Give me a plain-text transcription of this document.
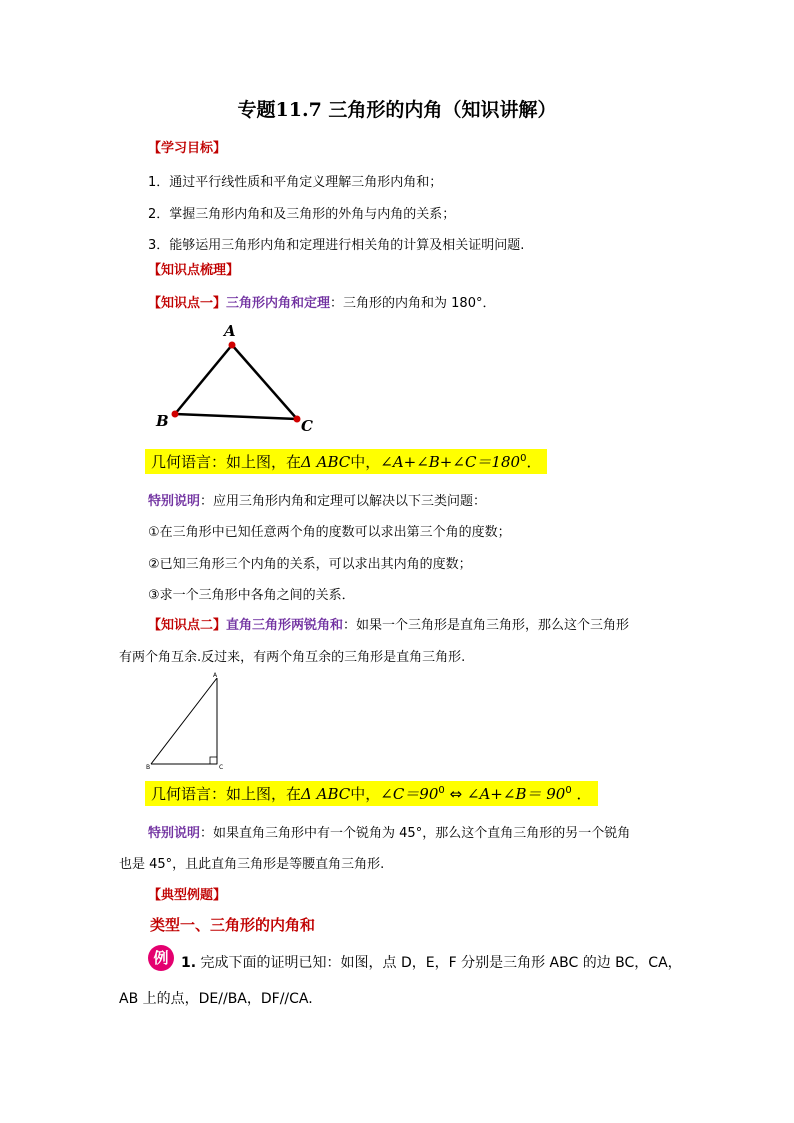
专题11.7 三角形的内角（知识讲解）
【学习目标】
1．通过平行线性质和平角定义理解三角形内角和；
2．掌握三角形内角和及三角形的外角与内角的关系；
3．能够运用三角形内角和定理进行相关角的计算及相关证明问题.
【知识点梳理】
【知识点一】三角形内角和定理：三角形的内角和为 180°．
A
B	C
几何语言：如上图，在Δ ABC中，$\angle A+\angle B+\angle C=180^0$．
特别说明：应用三角形内角和定理可以解决以下三类问题：
①在三角形中已知任意两个角的度数可以求出第三个角的度数；
②已知三角形三个内角的关系，可以求出其内角的度数；
③求一个三角形中各角之间的关系．
【知识点二】直角三角形两锐角和：如果一个三角形是直角三角形，那么这个三角形
有两个角互余.反过来，有两个角互余的三角形是直角三角形.
A
B	C
几何语言：如上图，在Δ ABC中，$\angle C=90^0$ ⇔ ∠A+∠B＝ $90^0$ ．
特别说明：如果直角三角形中有一个锐角为 45°，那么这个直角三角形的另一个锐角
也是 45°，且此直角三角形是等腰直角三角形.
【典型例题】
类型一、三角形的内角和
例 1. 完成下面的证明已知：如图，点 D，E，F 分别是三角形 ABC 的边 BC，CA，
AB 上的点，DE//BA，DF//CA.
